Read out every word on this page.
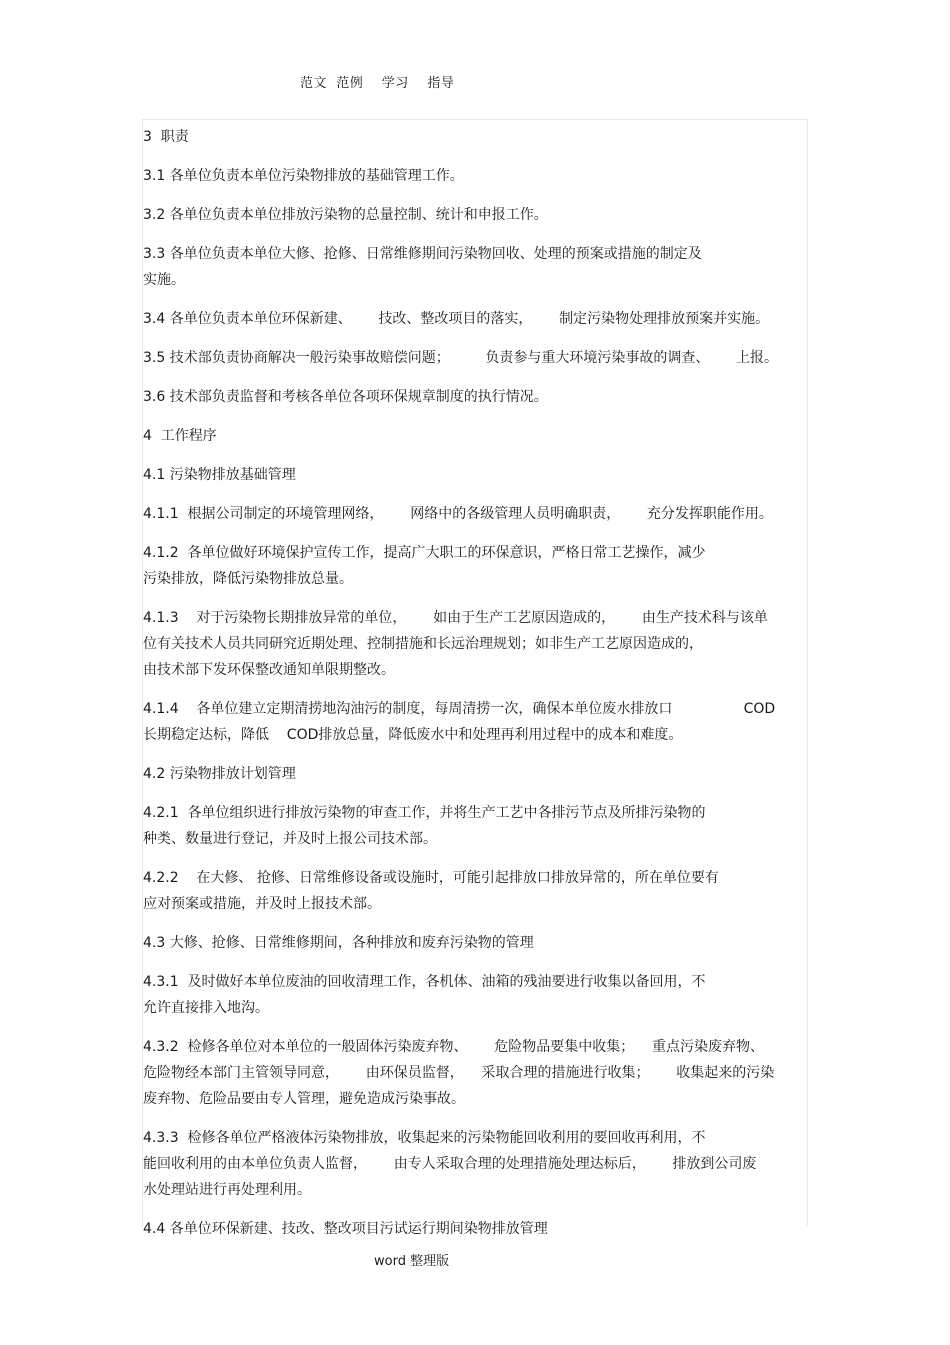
范文  范例    学习    指导
3  职责
3.1 各单位负责本单位污染物排放的基础管理工作。
3.2 各单位负责本单位排放污染物的总量控制、统计和申报工作。
3.3 各单位负责本单位大修、抢修、日常维修期间污染物回收、处理的预案或措施的制定及
实施。
3.4 各单位负责本单位环保新建、      技改、整改项目的落实，      制定污染物处理排放预案并实施。
3.5 技术部负责协商解决一般污染事故赔偿问题；        负责参与重大环境污染事故的调查、      上报。
3.6 技术部负责监督和考核各单位各项环保规章制度的执行情况。
4  工作程序
4.1 污染物排放基础管理
4.1.1  根据公司制定的环境管理网络，      网络中的各级管理人员明确职责，      充分发挥职能作用。
4.1.2  各单位做好环境保护宣传工作，提高广大职工的环保意识，严格日常工艺操作，减少
污染排放，降低污染物排放总量。
4.1.3    对于污染物长期排放异常的单位，      如由于生产工艺原因造成的，      由生产技术科与该单
位有关技术人员共同研究近期处理、控制措施和长远治理规划；如非生产工艺原因造成的，
由技术部下发环保整改通知单限期整改。
4.1.4    各单位建立定期清捞地沟油污的制度，每周清捞一次，确保本单位废水排放口                COD
长期稳定达标，降低    COD排放总量，降低废水中和处理再利用过程中的成本和难度。
4.2 污染物排放计划管理
4.2.1  各单位组织进行排放污染物的审查工作，并将生产工艺中各排污节点及所排污染物的
种类、数量进行登记，并及时上报公司技术部。
4.2.2    在大修、 抢修、日常维修设备或设施时，可能引起排放口排放异常的，所在单位要有
应对预案或措施，并及时上报技术部。
4.3 大修、抢修、日常维修期间，各种排放和废弃污染物的管理
4.3.1  及时做好本单位废油的回收清理工作，各机体、油箱的残油要进行收集以备回用，不
允许直接排入地沟。
4.3.2  检修各单位对本单位的一般固体污染废弃物、      危险物品要集中收集；    重点污染废弃物、
危险物经本部门主管领导同意，      由环保员监督，    采取合理的措施进行收集；      收集起来的污染
废弃物、危险品要由专人管理，避免造成污染事故。
4.3.3  检修各单位严格液体污染物排放，收集起来的污染物能回收利用的要回收再利用，不
能回收利用的由本单位负责人监督，      由专人采取合理的处理措施处理达标后，      排放到公司废
水处理站进行再处理利用。
4.4 各单位环保新建、技改、整改项目污试运行期间染物排放管理
word 整理版
